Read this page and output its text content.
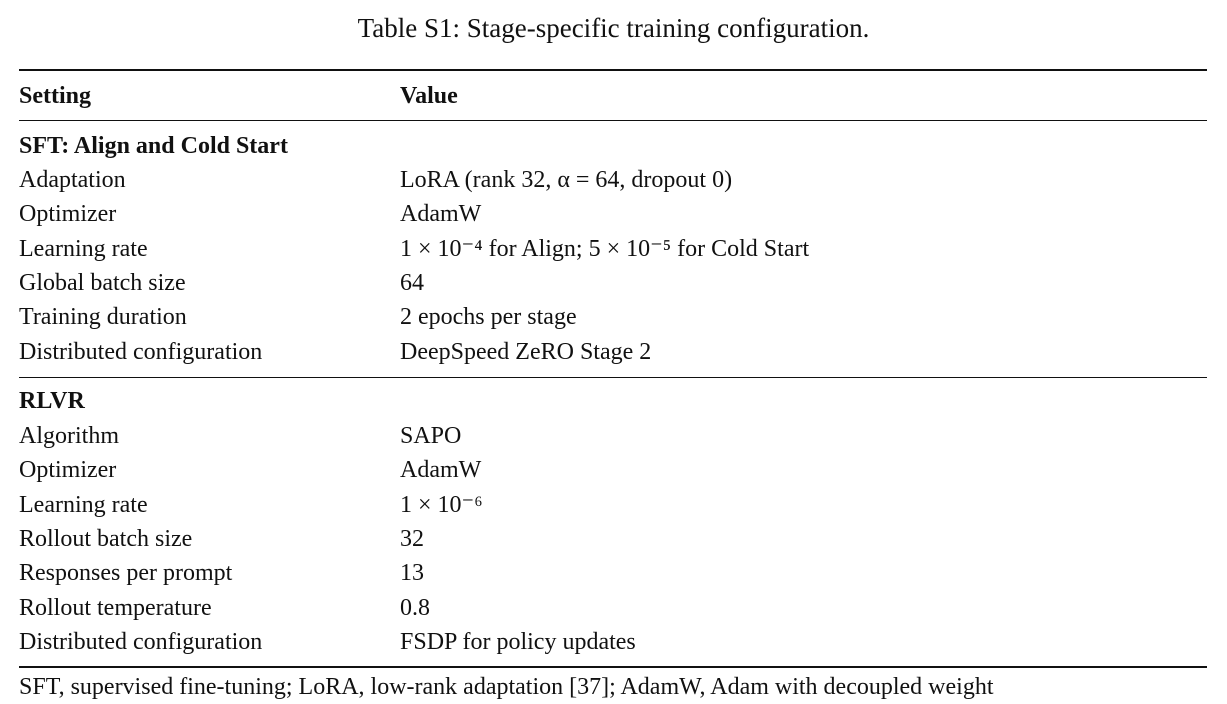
Table S1: Stage-specific training configuration.
Setting	Value
SFT: Align and Cold Start
Adaptation	LoRA (rank 32, α = 64, dropout 0)
Optimizer	AdamW
Learning rate	1 × 10⁻⁴ for Align; 5 × 10⁻⁵ for Cold Start
Global batch size	64
Training duration	2 epochs per stage
Distributed configuration	DeepSpeed ZeRO Stage 2
RLVR
Algorithm	SAPO
Optimizer	AdamW
Learning rate	1 × 10⁻⁶
Rollout batch size	32
Responses per prompt	13
Rollout temperature	0.8
Distributed configuration	FSDP for policy updates
SFT, supervised fine-tuning; LoRA, low-rank adaptation [37]; AdamW, Adam with decoupled weight
